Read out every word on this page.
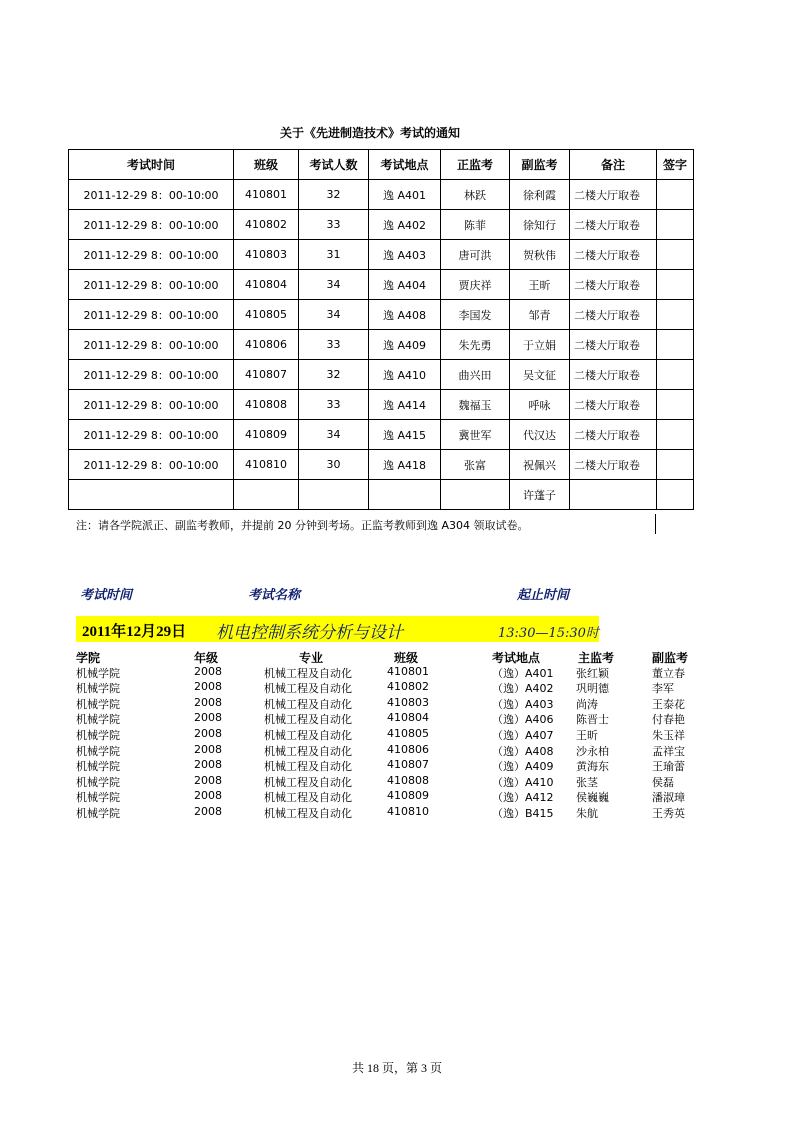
关于《先进制造技术》考试的通知
考试时间	班级	考试人数	考试地点	正监考	副监考	备注	签字
2011-12-29 8：00-10:00	410801	32	逸 A401	林跃	徐利霞	二楼大厅取卷	
2011-12-29 8：00-10:00	410802	33	逸 A402	陈菲	徐知行	二楼大厅取卷	
2011-12-29 8：00-10:00	410803	31	逸 A403	唐可洪	贺秋伟	二楼大厅取卷	
2011-12-29 8：00-10:00	410804	34	逸 A404	贾庆祥	王昕	二楼大厅取卷	
2011-12-29 8：00-10:00	410805	34	逸 A408	李国发	邹青	二楼大厅取卷	
2011-12-29 8：00-10:00	410806	33	逸 A409	朱先勇	于立娟	二楼大厅取卷	
2011-12-29 8：00-10:00	410807	32	逸 A410	曲兴田	吴文征	二楼大厅取卷	
2011-12-29 8：00-10:00	410808	33	逸 A414	魏福玉	呼咏	二楼大厅取卷	
2011-12-29 8：00-10:00	410809	34	逸 A415	冀世军	代汉达	二楼大厅取卷	
2011-12-29 8：00-10:00	410810	30	逸 A418	张富	祝佩兴	二楼大厅取卷	
					许蓬子		
注：请各学院派正、副监考教师，并提前 20 分钟到考场。正监考教师到逸 A304 领取试卷。
考试时间	考试名称	起止时间
2011年12月29日 机电控制系统分析与设计	13:30—15:30时
学院	年级	专业	班级	考试地点	主监考	副监考
机械学院	2008	机械工程及自动化	410801	（逸）A401 张红颖	董立春
机械学院	2008	机械工程及自动化	410802	（逸）A402 巩明德	李军
机械学院	2008	机械工程及自动化	410803	（逸）A403 尚涛	王泰花
机械学院	2008	机械工程及自动化	410804	（逸）A406 陈晋士	付春艳
机械学院	2008	机械工程及自动化	410805	（逸）A407 王昕	朱玉祥
机械学院	2008	机械工程及自动化	410806	（逸）A408 沙永柏	孟祥宝
机械学院	2008	机械工程及自动化	410807	（逸）A409 黄海东	王瑜蕾
机械学院	2008	机械工程及自动化	410808	（逸）A410 张茎	侯磊
机械学院	2008	机械工程及自动化	410809	（逸）A412 侯巍巍	潘淑璋
机械学院	2008	机械工程及自动化	410810	（逸）B415 朱航	王秀英
共 18 页，第 3 页
